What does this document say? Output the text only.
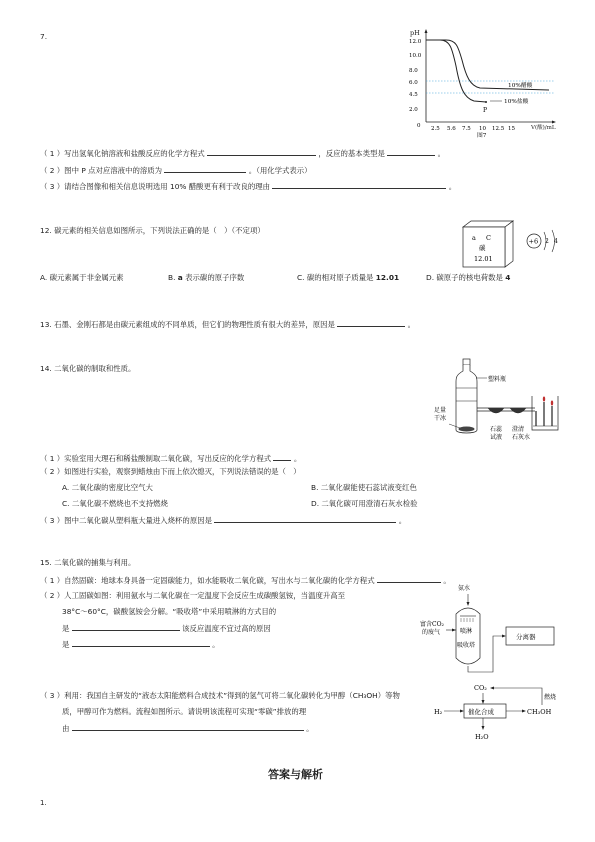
7.	pH
V(酸)/mL
12.0
10.0
8.0
6.0
4.5
2.0
0 2.5 5.6 7.5 10 12.5 15
P
10%醋酸
10%盐酸
图7
（ 1 ）写出氢氧化钠溶液和盐酸反应的化学方程式	，反应的基本类型是	。
（ 2 ）图中 P 点对应溶液中的溶质为	。（用化学式表示）
（ 3 ）请结合图像和相关信息说明选用 10% 醋酸更有利于改良的理由	。
12. 碳元素的相关信息如图所示，下列说法正确的是（　）（不定项）
a C
碳
12.01
+6 2 4
A. 碳元素属于非金属元素	B. a 表示碳的原子序数	C. 碳的相对原子质量是 12.01	D. 碳原子的核电荷数是 4
13. 石墨、金刚石都是由碳元素组成的不同单质，但它们的物理性质有很大的差异，原因是	。
14. 二氧化碳的制取和性质。
塑料瓶
足量
干冰
石蕊
试液
澄清
石灰水
（ 1 ）实验室用大理石和稀盐酸制取二氧化碳，写出反应的化学方程式	。
（ 2 ）如图进行实验，观察到蜡烛由下而上依次熄灭，下列说法错误的是（　）
A. 二氧化碳的密度比空气大	B. 二氧化碳能使石蕊试液变红色
C. 二氧化碳不燃烧也不支持燃烧	D. 二氧化碳可用澄清石灰水检验
（ 3 ）图中二氧化碳从塑料瓶大量进入烧杯的原因是	。
15. 二氧化碳的捕集与利用。
（ 1 ）自然固碳：地球本身具备一定固碳能力，如水能吸收二氧化碳，写出水与二氧化碳的化学方程式	。
（ 2 ）人工固碳如图：利用氨水与二氧化碳在一定温度下会反应生成碳酸氢铵，当温度升高至
38°C～60°C，碳酸氢铵会分解。“吸收塔”中采用喷淋的方式目的
是	该反应温度不宜过高的原因
是	。
氨水
喷淋
吸收塔
富含CO₂
的废气
分离器
（ 3 ）利用：我国自主研发的“液态太阳能燃料合成技术”得到的氢气可将二氧化碳转化为甲醇（CH₃OH）等物
质，甲醇可作为燃料。流程如图所示。请说明该流程可实现“零碳”排放的理
由	。
CO₂
催化合成
H₂	CH₃OH
燃烧
H₂O
答案与解析
1.
